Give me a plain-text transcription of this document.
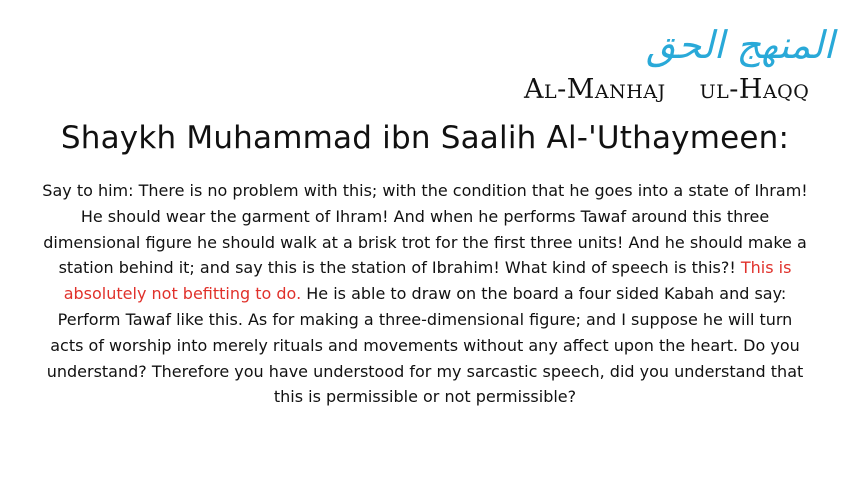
المنهج الحق
Al-Manhaj ul-Haqq
Shaykh Muhammad ibn Saalih Al-'Uthaymeen:

Say to him: There is no problem with this; with the condition that he goes into a state of Ihram! He should wear the garment of Ihram! And when he performs Tawaf around this three dimensional figure he should walk at a brisk trot for the first three units! And he should make a station behind it; and say this is the station of Ibrahim! What kind of speech is this?! This is absolutely not befitting to do. He is able to draw on the board a four sided Kabah and say: Perform Tawaf like this. As for making a three-dimensional figure; and I suppose he will turn acts of worship into merely rituals and movements without any affect upon the heart. Do you understand? Therefore you have understood for my sarcastic speech, did you understand that this is permissible or not permissible?
